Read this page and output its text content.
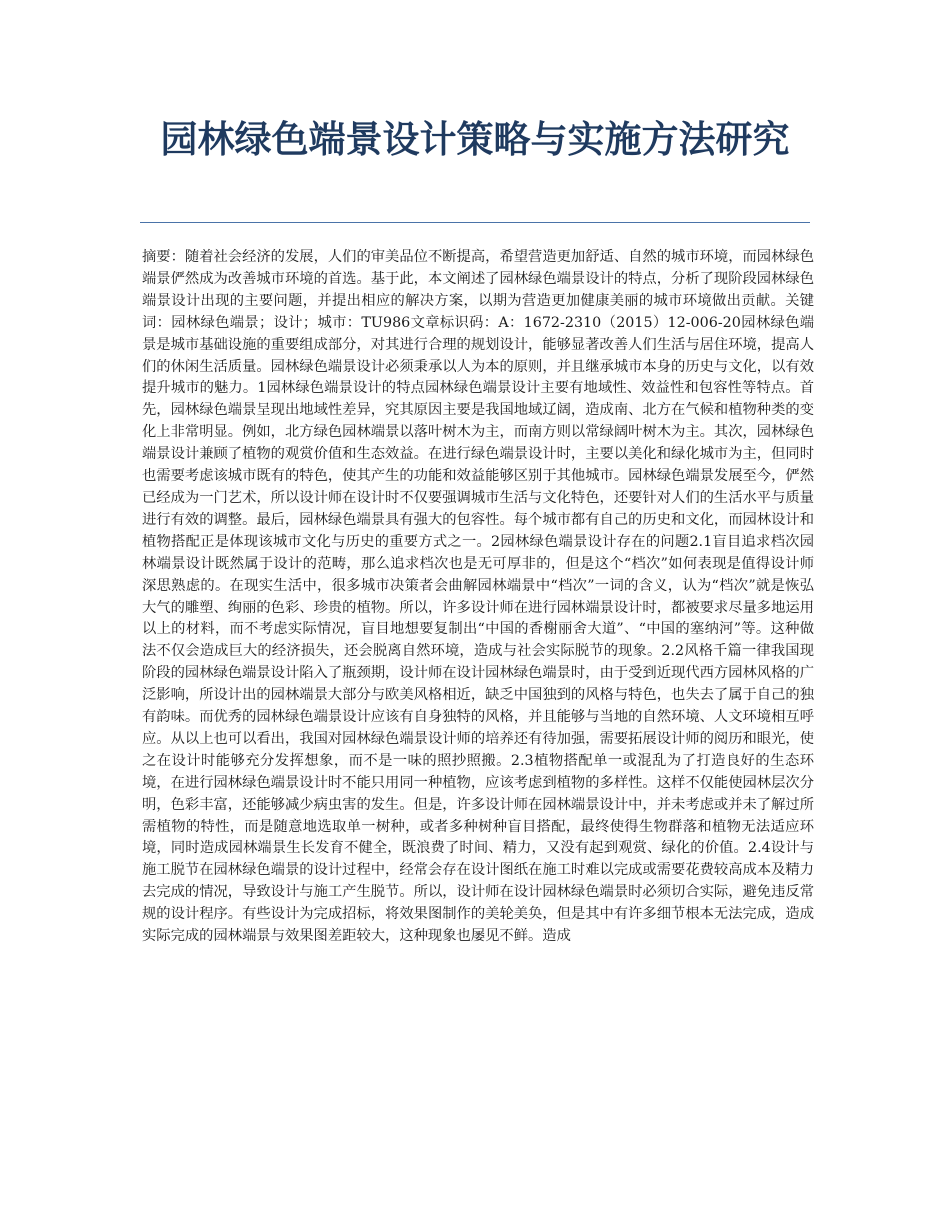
园林绿色端景设计策略与实施方法研究

摘要：随着社会经济的发展，人们的审美品位不断提高，希望营造更加舒适、自然的城市环境，而园林绿色端景俨然成为改善城市环境的首选。基于此，本文阐述了园林绿色端景设计的特点，分析了现阶段园林绿色端景设计出现的主要问题，并提出相应的解决方案，以期为营造更加健康美丽的城市环境做出贡献。关键词：园林绿色端景；设计；城市：TU986文章标识码：A：1672-2310（2015）12-006-20园林绿色端景是城市基础设施的重要组成部分，对其进行合理的规划设计，能够显著改善人们生活与居住环境，提高人们的休闲生活质量。园林绿色端景设计必须秉承以人为本的原则，并且继承城市本身的历史与文化，以有效提升城市的魅力。1园林绿色端景设计的特点园林绿色端景设计主要有地域性、效益性和包容性等特点。首先，园林绿色端景呈现出地域性差异，究其原因主要是我国地域辽阔，造成南、北方在气候和植物种类的变化上非常明显。例如，北方绿色园林端景以落叶树木为主，而南方则以常绿阔叶树木为主。其次，园林绿色端景设计兼顾了植物的观赏价值和生态效益。在进行绿色端景设计时，主要以美化和绿化城市为主，但同时也需要考虑该城市既有的特色，使其产生的功能和效益能够区别于其他城市。园林绿色端景发展至今，俨然已经成为一门艺术，所以设计师在设计时不仅要强调城市生活与文化特色，还要针对人们的生活水平与质量进行有效的调整。最后，园林绿色端景具有强大的包容性。每个城市都有自己的历史和文化，而园林设计和植物搭配正是体现该城市文化与历史的重要方式之一。2园林绿色端景设计存在的问题2.1盲目追求档次园林端景设计既然属于设计的范畴，那么追求档次也是无可厚非的，但是这个“档次”如何表现是值得设计师深思熟虑的。在现实生活中，很多城市决策者会曲解园林端景中“档次”一词的含义，认为“档次”就是恢弘大气的雕塑、绚丽的色彩、珍贵的植物。所以，许多设计师在进行园林端景设计时，都被要求尽量多地运用以上的材料，而不考虑实际情况，盲目地想要复制出“中国的香榭丽舍大道”、“中国的塞纳河”等。这种做法不仅会造成巨大的经济损失，还会脱离自然环境，造成与社会实际脱节的现象。2.2风格千篇一律我国现阶段的园林绿色端景设计陷入了瓶颈期，设计师在设计园林绿色端景时，由于受到近现代西方园林风格的广泛影响，所设计出的园林端景大部分与欧美风格相近，缺乏中国独到的风格与特色，也失去了属于自己的独有韵味。而优秀的园林绿色端景设计应该有自身独特的风格，并且能够与当地的自然环境、人文环境相互呼应。从以上也可以看出，我国对园林绿色端景设计师的培养还有待加强，需要拓展设计师的阅历和眼光，使之在设计时能够充分发挥想象，而不是一味的照抄照搬。2.3植物搭配单一或混乱为了打造良好的生态环境，在进行园林绿色端景设计时不能只用同一种植物，应该考虑到植物的多样性。这样不仅能使园林层次分明，色彩丰富，还能够减少病虫害的发生。但是，许多设计师在园林端景设计中，并未考虑或并未了解过所需植物的特性，而是随意地选取单一树种，或者多种树种盲目搭配，最终使得生物群落和植物无法适应环境，同时造成园林端景生长发育不健全，既浪费了时间、精力，又没有起到观赏、绿化的价值。2.4设计与施工脱节在园林绿色端景的设计过程中，经常会存在设计图纸在施工时难以完成或需要花费较高成本及精力去完成的情况，导致设计与施工产生脱节。所以，设计师在设计园林绿色端景时必须切合实际，避免违反常规的设计程序。有些设计为完成招标，将效果图制作的美轮美奂，但是其中有许多细节根本无法完成，造成实际完成的园林端景与效果图差距较大，这种现象也屡见不鲜。造成
